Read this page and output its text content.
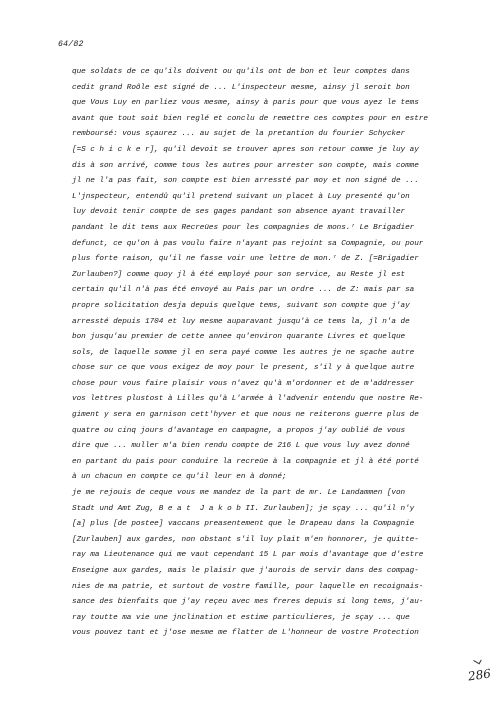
64/82
que soldats de ce qu'ils doivent ou qu'ils ont de bon et leur comptes dans
cedit grand Roôle est signé de ... L'inspecteur mesme, ainsy jl seroit bon
que Vous Luy en parliez vous mesme, ainsy à paris pour que vous ayez le tems
avant que tout soit bien reglé et conclu de remettre ces comptes pour en estre
remboursé: vous sçaurez ... au sujet de la pretantion du fourier Schycker
[=S c h i c k e r], qu'il devoit se trouver apres son retour comme je luy ay
dis à son arrivé, comme tous les autres pour arrester son compte, mais comme
jl ne l'a pas fait, son compte est bien arressté par moy et non signé de ...
L'jnspecteur, entendû qu'il pretend suivant un placet à Luy presenté qu'on
luy devoit tenir compte de ses gages pandant son absence ayant travailler
pandant le dit tems aux Recreües pour les compagnies de mons.ʳ Le Brigadier
defunct, ce qu'on à pas voulu faire n'ayant pas rejoint sa Compagnie, ou pour
plus forte raison, qu'il ne fasse voir une lettre de mon.ʳ de Z. [=Brigadier
Zurlauben?] comme quoy jl à été employé pour son service, au Reste jl est
certain qu'il n'à pas été envoyé au Pais par un ordre ... de Z: mais par sa
propre solicitation desja depuis quelque tems, suivant son compte que j'ay
arressté depuis 1704 et luy mesme auparavant jusqu'à ce tems la, jl n'a de
bon jusqu'au premier de cette annee qu'environ quarante Livres et quelque
sols, de laquelle somme jl en sera payé comme les autres je ne sçache autre
chose sur ce que vous exigez de moy pour le present, s'il y à quelque autre
chose pour vous faire plaisir vous n'avez qu'à m'ordonner et de m'addresser
vos lettres plustost à Lilles qu'à L'armée à l'advenir entendu que nostre Re-
giment y sera en garnison cett'hyver et que nous ne reiterons guerre plus de
quatre ou cinq jours d'avantage en campagne, a propos j'ay oublié de vous
dire que ... muller m'a bien rendu compte de 216 L que vous luy avez donné
en partant du pais pour conduire la recreüe à la compagnie et jl à été porté
à un chacun en compte ce qu'il leur en à donné;
je me rejouis de ceque vous me mandez de la part de mr. Le Landammen [von
Stadt und Amt Zug, B e a t  J a k o b II. Zurlauben]; je sçay ... qu'il n'y
[a] plus [de postee] vaccans preasentement que le Drapeau dans la Compagnie
[Zurlauben] aux gardes, non obstant s'il luy plait m'en honnorer, je quitte-
ray ma Lieutenance qui me vaut cependant 15 L par mois d'avantage que d'estre
Enseigne aux gardes, mais le plaisir que j'aurois de servir dans des compag-
nies de ma patrie, et surtout de vostre famille, pour laquelle en recoignais-
sance des bienfaits que j'ay reçeu avec mes freres depuis si long tems, j'au-
ray toutte ma vie une jnclination et estime particulieres, je sçay ... que
vous pouvez tant et j'ose mesme me flatter de L'honneur de vostre Protection
286
